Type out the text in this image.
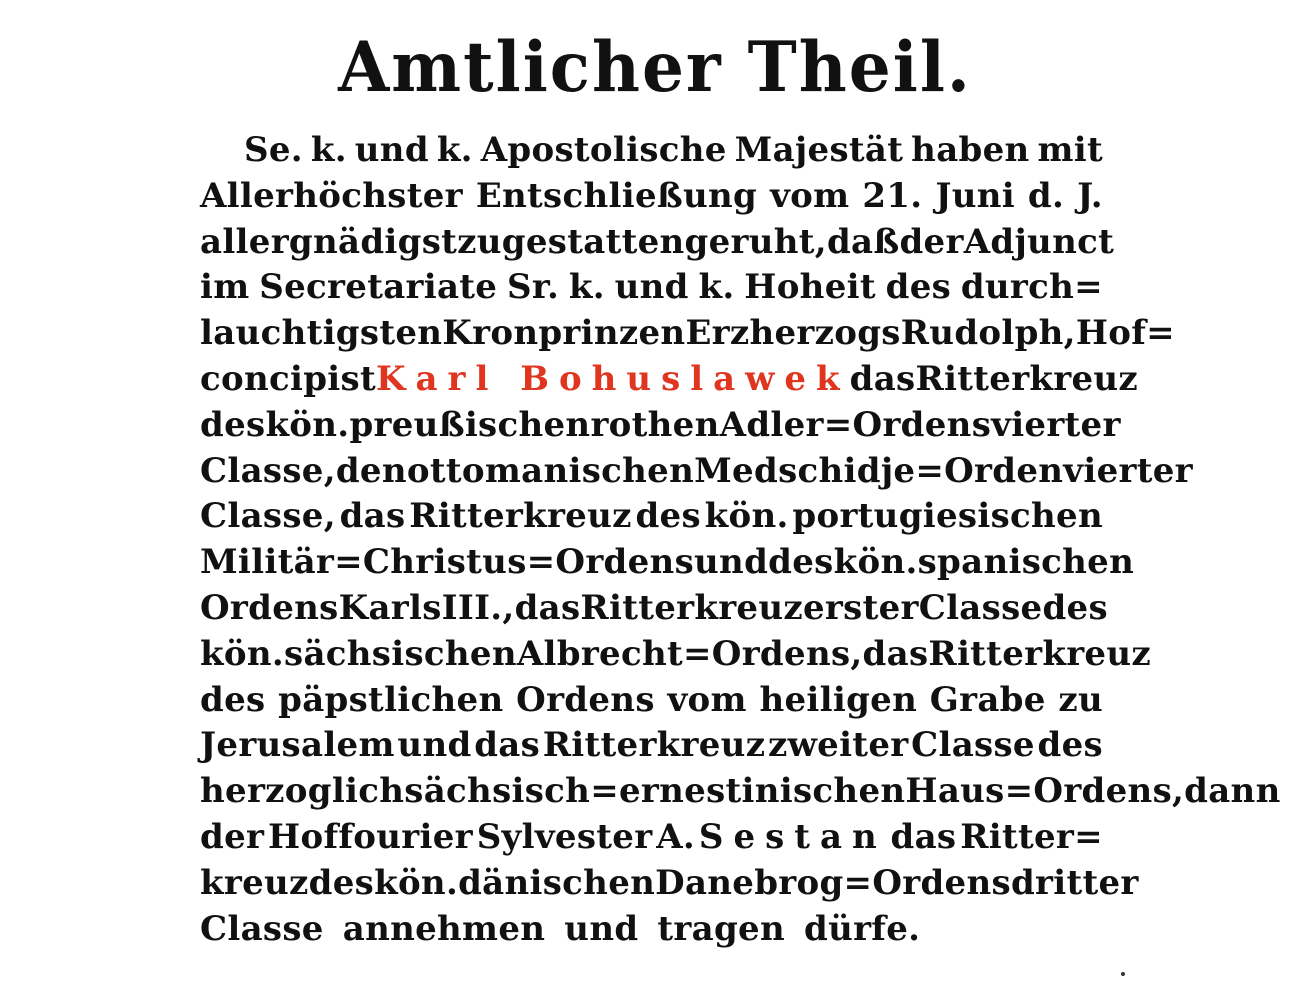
Amtlicher Theil.
Se. k. und k. Apostolische Majestät haben mit
Allerhöchster Entschließung vom 21. Juni d. J.
allergnädigst zu gestatten geruht, daß der Adjunct
im Secretariate Sr. k. und k. Hoheit des durch=
lauchtigsten Kronprinzen Erzherzogs Rudolph, Hof=
concipist Karl Bohuslawek das Ritterkreuz
des kön. preußischen rothen Adler=Ordens vierter
Classe, den ottomanischen Medschidje=Orden vierter
Classe, das Ritterkreuz des kön. portugiesischen
Militär=Christus=Ordens und des kön. spanischen
Ordens Karls III., das Ritterkreuz erster Classe des
kön. sächsischen Albrecht=Ordens, das Ritterkreuz
des päpstlichen Ordens vom heiligen Grabe zu
Jerusalem und das Ritterkreuz zweiter Classe des
herzoglich sächsisch=ernestinischen Haus=Ordens, dann
der Hoffourier Sylvester A. Sestan das Ritter=
kreuz des kön. dänischen Danebrog=Ordens dritter
Classe annehmen und tragen dürfe.
